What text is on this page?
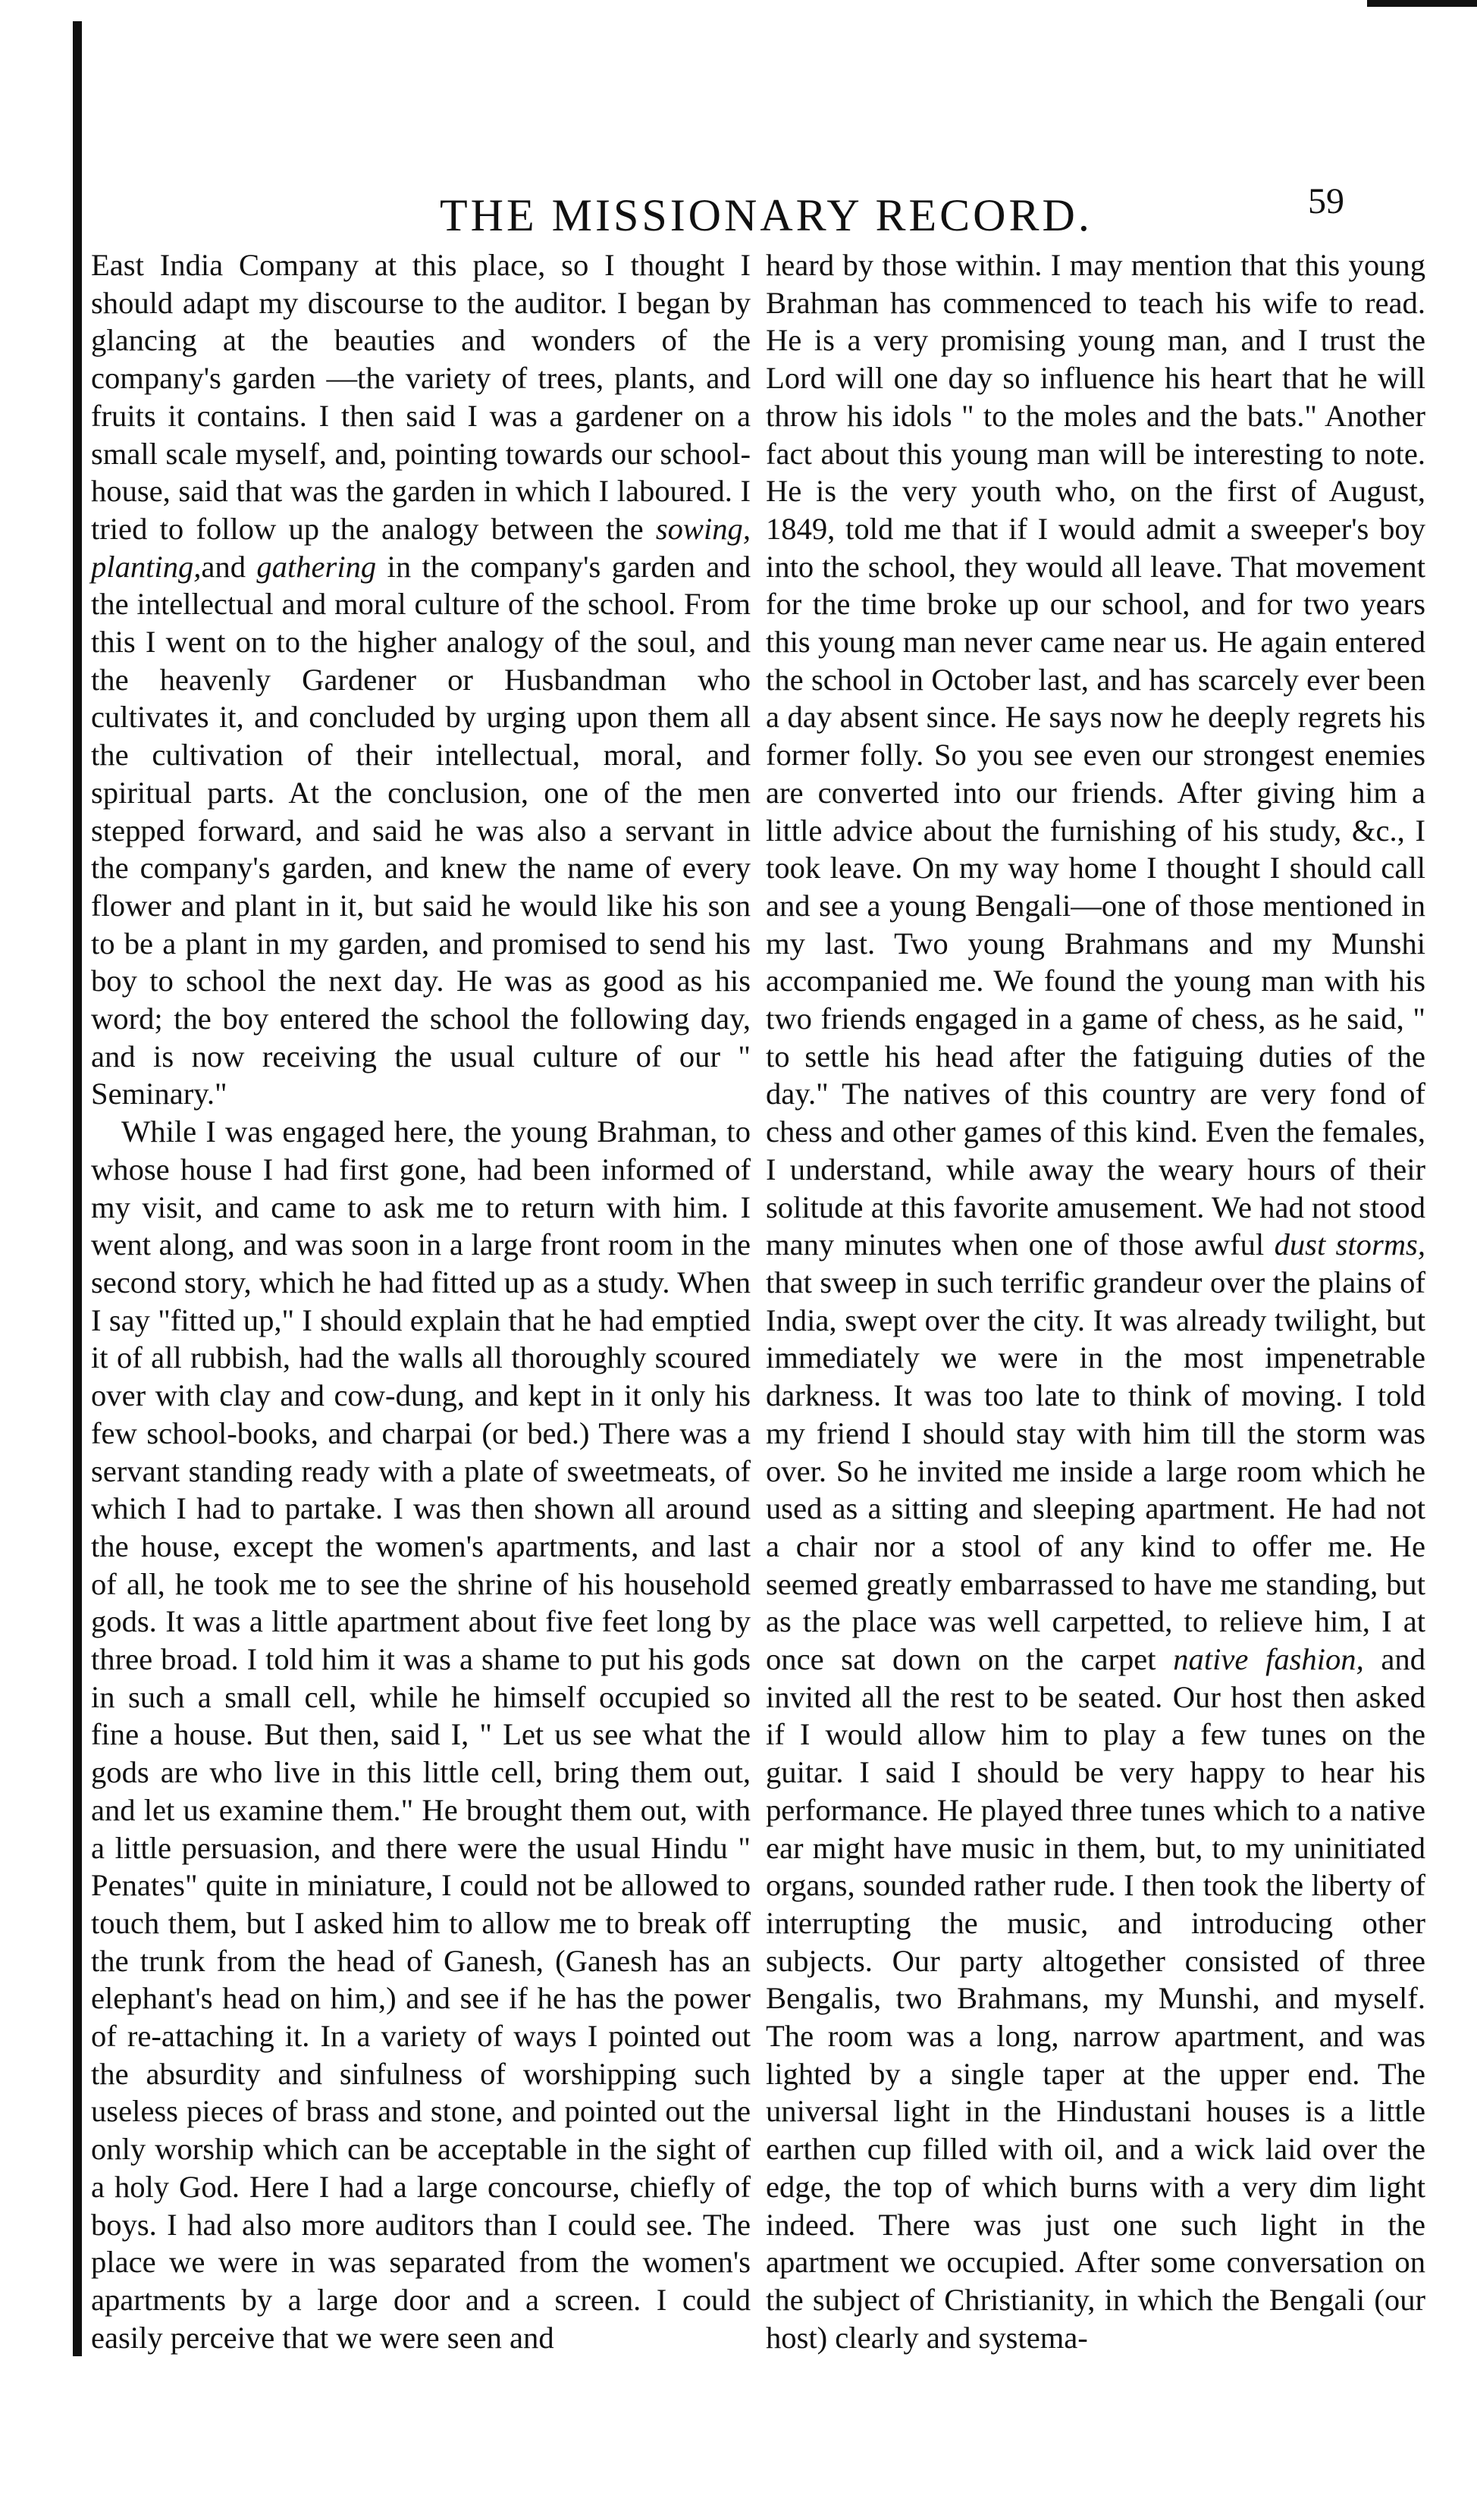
THE MISSIONARY RECORD.	59

East India Company at this place, so I thought I should adapt my discourse to the auditor. I began by glancing at the beauties and wonders of the company's garden —the variety of trees, plants, and fruits it contains. I then said I was a gardener on a small scale myself, and, pointing towards our school-house, said that was the garden in which I laboured. I tried to follow up the analogy between the sowing, planting,and gathering in the company's garden and the intellectual and moral culture of the school. From this I went on to the higher analogy of the soul, and the heavenly Gardener or Husbandman who cultivates it, and concluded by urging upon them all the cultivation of their intellectual, moral, and spiritual parts. At the conclusion, one of the men stepped forward, and said he was also a servant in the company's garden, and knew the name of every flower and plant in it, but said he would like his son to be a plant in my garden, and promised to send his boy to school the next day. He was as good as his word; the boy entered the school the following day, and is now receiving the usual culture of our " Seminary."

While I was engaged here, the young Brahman, to whose house I had first gone, had been informed of my visit, and came to ask me to return with him. I went along, and was soon in a large front room in the second story, which he had fitted up as a study. When I say "fitted up," I should explain that he had emptied it of all rubbish, had the walls all thoroughly scoured over with clay and cow-dung, and kept in it only his few school-books, and charpai (or bed.) There was a servant standing ready with a plate of sweetmeats, of which I had to partake. I was then shown all around the house, except the women's apartments, and last of all, he took me to see the shrine of his household gods. It was a little apartment about five feet long by three broad. I told him it was a shame to put his gods in such a small cell, while he himself occupied so fine a house. But then, said I, " Let us see what the gods are who live in this little cell, bring them out, and let us examine them." He brought them out, with a little persuasion, and there were the usual Hindu " Penates" quite in miniature, I could not be allowed to touch them, but I asked him to allow me to break off the trunk from the head of Ganesh, (Ganesh has an elephant's head on him,) and see if he has the power of re-attaching it. In a variety of ways I pointed out the absurdity and sinfulness of worshipping such useless pieces of brass and stone, and pointed out the only worship which can be acceptable in the sight of a holy God. Here I had a large concourse, chiefly of boys. I had also more auditors than I could see. The place we were in was separated from the women's apartments by a large door and a screen. I could easily perceive that we were seen and

heard by those within. I may mention that this young Brahman has commenced to teach his wife to read. He is a very promising young man, and I trust the Lord will one day so influence his heart that he will throw his idols " to the moles and the bats." Another fact about this young man will be interesting to note. He is the very youth who, on the first of August, 1849, told me that if I would admit a sweeper's boy into the school, they would all leave. That movement for the time broke up our school, and for two years this young man never came near us. He again entered the school in October last, and has scarcely ever been a day absent since. He says now he deeply regrets his former folly. So you see even our strongest enemies are converted into our friends. After giving him a little advice about the furnishing of his study, &c., I took leave. On my way home I thought I should call and see a young Bengali—one of those mentioned in my last. Two young Brahmans and my Munshi accompanied me. We found the young man with his two friends engaged in a game of chess, as he said, " to settle his head after the fatiguing duties of the day." The natives of this country are very fond of chess and other games of this kind. Even the females, I understand, while away the weary hours of their solitude at this favorite amusement. We had not stood many minutes when one of those awful dust storms, that sweep in such terrific grandeur over the plains of India, swept over the city. It was already twilight, but immediately we were in the most impenetrable darkness. It was too late to think of moving. I told my friend I should stay with him till the storm was over. So he invited me inside a large room which he used as a sitting and sleeping apartment. He had not a chair nor a stool of any kind to offer me. He seemed greatly embarrassed to have me standing, but as the place was well carpetted, to relieve him, I at once sat down on the carpet native fashion, and invited all the rest to be seated. Our host then asked if I would allow him to play a few tunes on the guitar. I said I should be very happy to hear his performance. He played three tunes which to a native ear might have music in them, but, to my uninitiated organs, sounded rather rude. I then took the liberty of interrupting the music, and introducing other subjects. Our party altogether consisted of three Bengalis, two Brahmans, my Munshi, and myself. The room was a long, narrow apartment, and was lighted by a single taper at the upper end. The universal light in the Hindustani houses is a little earthen cup filled with oil, and a wick laid over the edge, the top of which burns with a very dim light indeed. There was just one such light in the apartment we occupied. After some conversation on the subject of Christianity, in which the Bengali (our host) clearly and systema-
